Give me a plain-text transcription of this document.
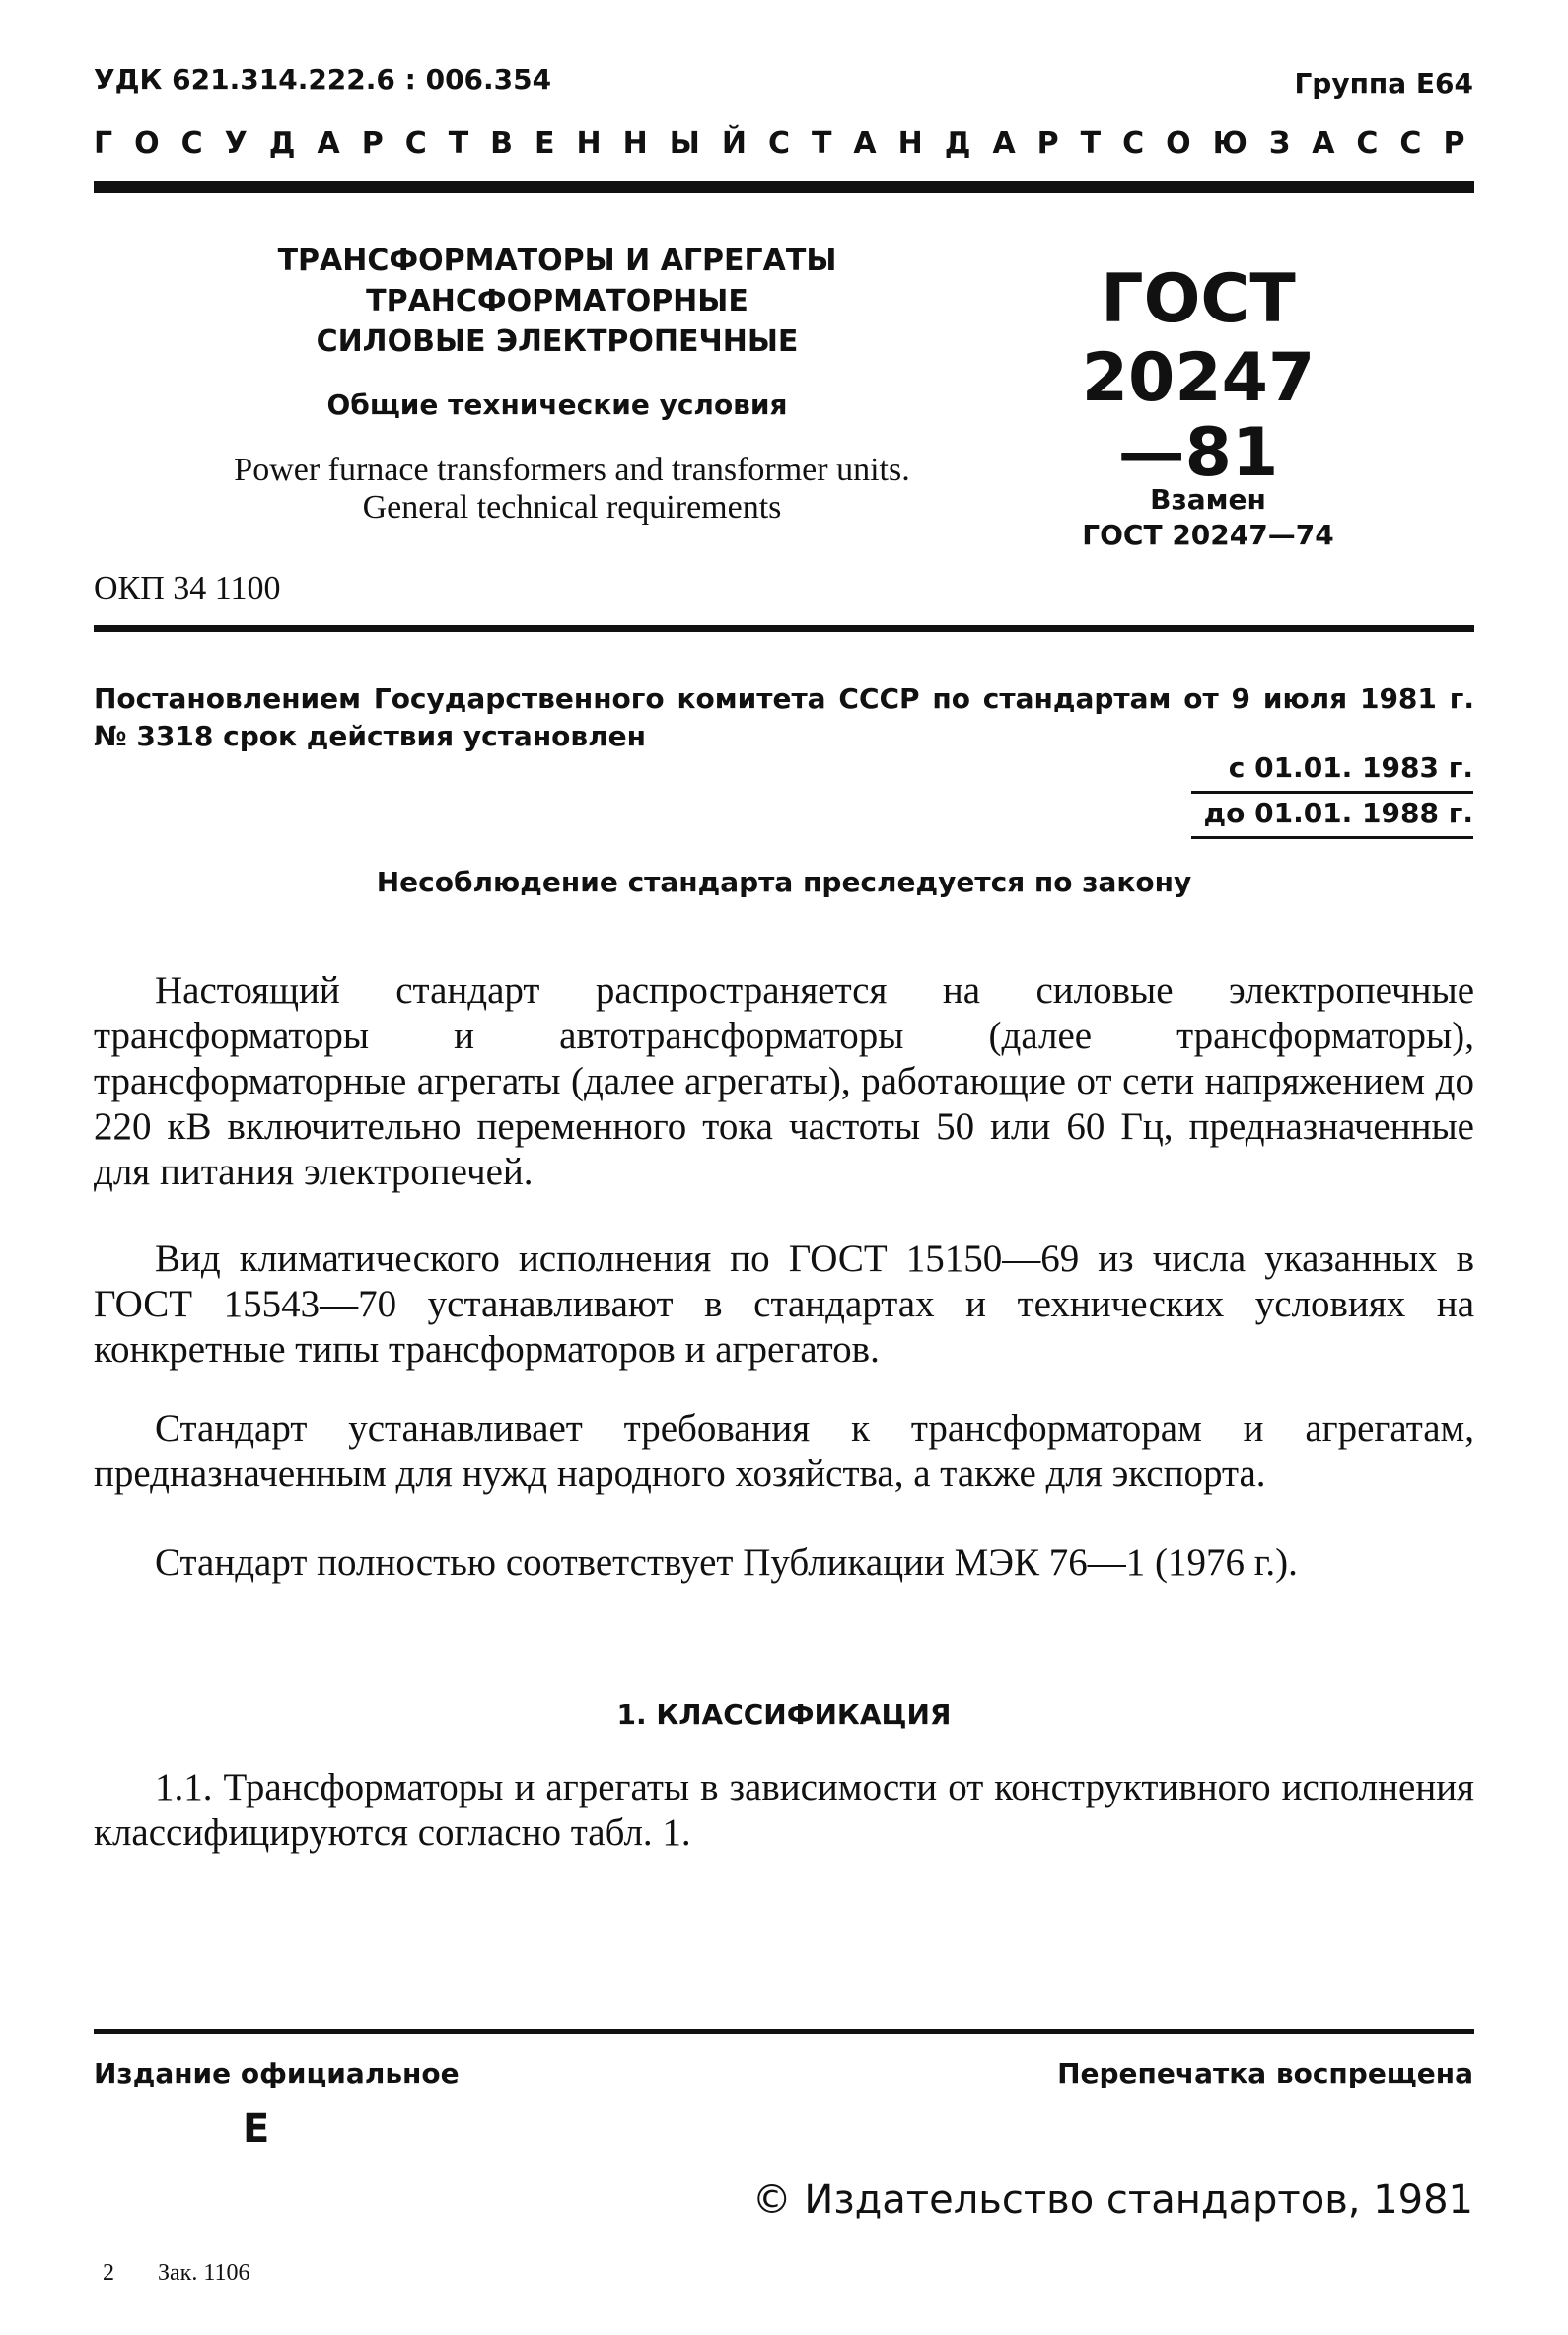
УДК 621.314.222.6 : 006.354	Группа Е64
ГОСУДАРСТВЕННЫЙ СТАНДАРТ СОЮЗА ССР
ТРАНСФОРМАТОРЫ И АГРЕГАТЫ
ТРАНСФОРМАТОРНЫЕ
СИЛОВЫЕ ЭЛЕКТРОПЕЧНЫЕ
Общие технические условия
Power furnace transformers and transformer units.
General technical requirements
ГОСТ
20247—81
Взамен
ГОСТ 20247—74
ОКП 34 1100
Постановлением Государственного комитета СССР по стандартам от 9 июля 1981 г. № 3318 срок действия установлен
с 01.01. 1983 г.
до 01.01. 1988 г.
Несоблюдение стандарта преследуется по закону

Настоящий стандарт распространяется на силовые электропечные трансформаторы и автотрансформаторы (далее трансформаторы), трансформаторные агрегаты (далее агрегаты), работающие от сети напряжением до 220 кВ включительно переменного тока частоты 50 или 60 Гц, предназначенные для питания электропечей.

Вид климатического исполнения по ГОСТ 15150—69 из числа указанных в ГОСТ 15543—70 устанавливают в стандартах и технических условиях на конкретные типы трансформаторов и агрегатов.

Стандарт устанавливает требования к трансформаторам и агрегатам, предназначенным для нужд народного хозяйства, а также для экспорта.

Стандарт полностью соответствует Публикации МЭК 76—1 (1976 г.).

1. КЛАССИФИКАЦИЯ

1.1. Трансформаторы и агрегаты в зависимости от конструктивного исполнения классифицируются согласно табл. 1.

Издание официальное	Перепечатка воспрещена
Е
© Издательство стандартов, 1981
2 Зак. 1106
